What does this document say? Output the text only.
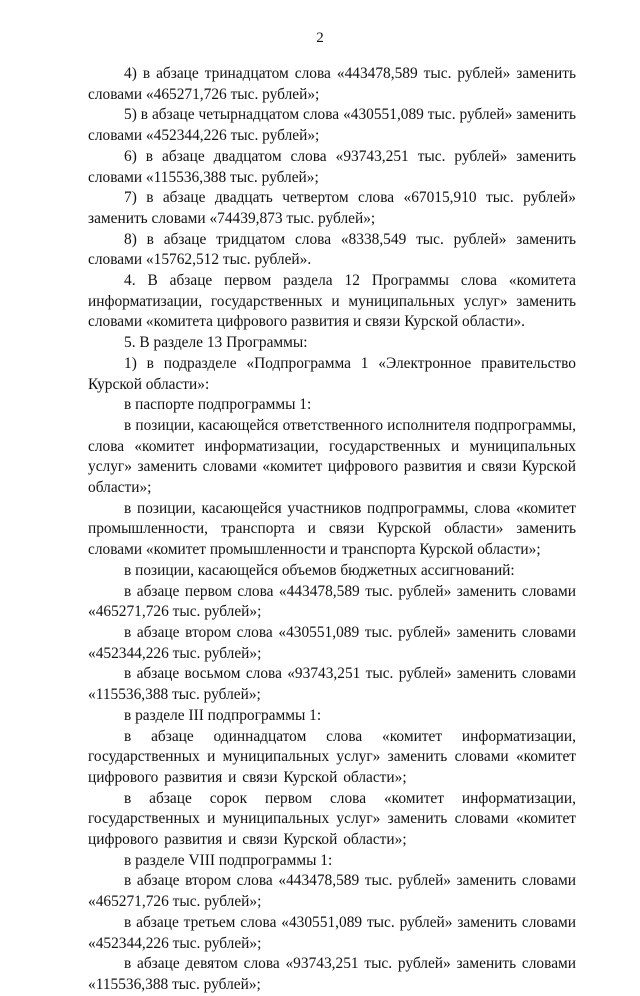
2

4) в абзаце тринадцатом слова «443478,589 тыс. рублей» заменить словами «465271,726 тыс. рублей»;

5) в абзаце четырнадцатом слова «430551,089 тыс. рублей» заменить словами «452344,226 тыс. рублей»;

6) в абзаце двадцатом слова «93743,251 тыс. рублей» заменить словами «115536,388 тыс. рублей»;

7) в абзаце двадцать четвертом слова «67015,910 тыс. рублей» заменить словами «74439,873 тыс. рублей»;

8) в абзаце тридцатом слова «8338,549 тыс. рублей» заменить словами «15762,512 тыс. рублей».

4. В абзаце первом раздела 12 Программы слова «комитета информатизации, государственных и муниципальных услуг» заменить словами «комитета цифрового развития и связи Курской области».

5. В разделе 13 Программы:

1) в подразделе «Подпрограмма 1 «Электронное правительство Курской области»:

в паспорте подпрограммы 1:

в позиции, касающейся ответственного исполнителя подпрограммы, слова «комитет информатизации, государственных и муниципальных услуг» заменить словами «комитет цифрового развития и связи Курской области»;

в позиции, касающейся участников подпрограммы, слова «комитет промышленности, транспорта и связи Курской области» заменить словами «комитет промышленности и транспорта Курской области»;

в позиции, касающейся объемов бюджетных ассигнований:

в абзаце первом слова «443478,589 тыс. рублей» заменить словами «465271,726 тыс. рублей»;

в абзаце втором слова «430551,089 тыс. рублей» заменить словами «452344,226 тыс. рублей»;

в абзаце восьмом слова «93743,251 тыс. рублей» заменить словами «115536,388 тыс. рублей»;

в разделе III подпрограммы 1:

в абзаце одиннадцатом слова «комитет информатизации, государственных и муниципальных услуг» заменить словами «комитет цифрового развития и связи Курской области»;

в абзаце сорок первом слова «комитет информатизации, государственных и муниципальных услуг» заменить словами «комитет цифрового развития и связи Курской области»;

в разделе VIII подпрограммы 1:

в абзаце втором слова «443478,589 тыс. рублей» заменить словами «465271,726 тыс. рублей»;

в абзаце третьем слова «430551,089 тыс. рублей» заменить словами «452344,226 тыс. рублей»;

в абзаце девятом слова «93743,251 тыс. рублей» заменить словами «115536,388 тыс. рублей»;
